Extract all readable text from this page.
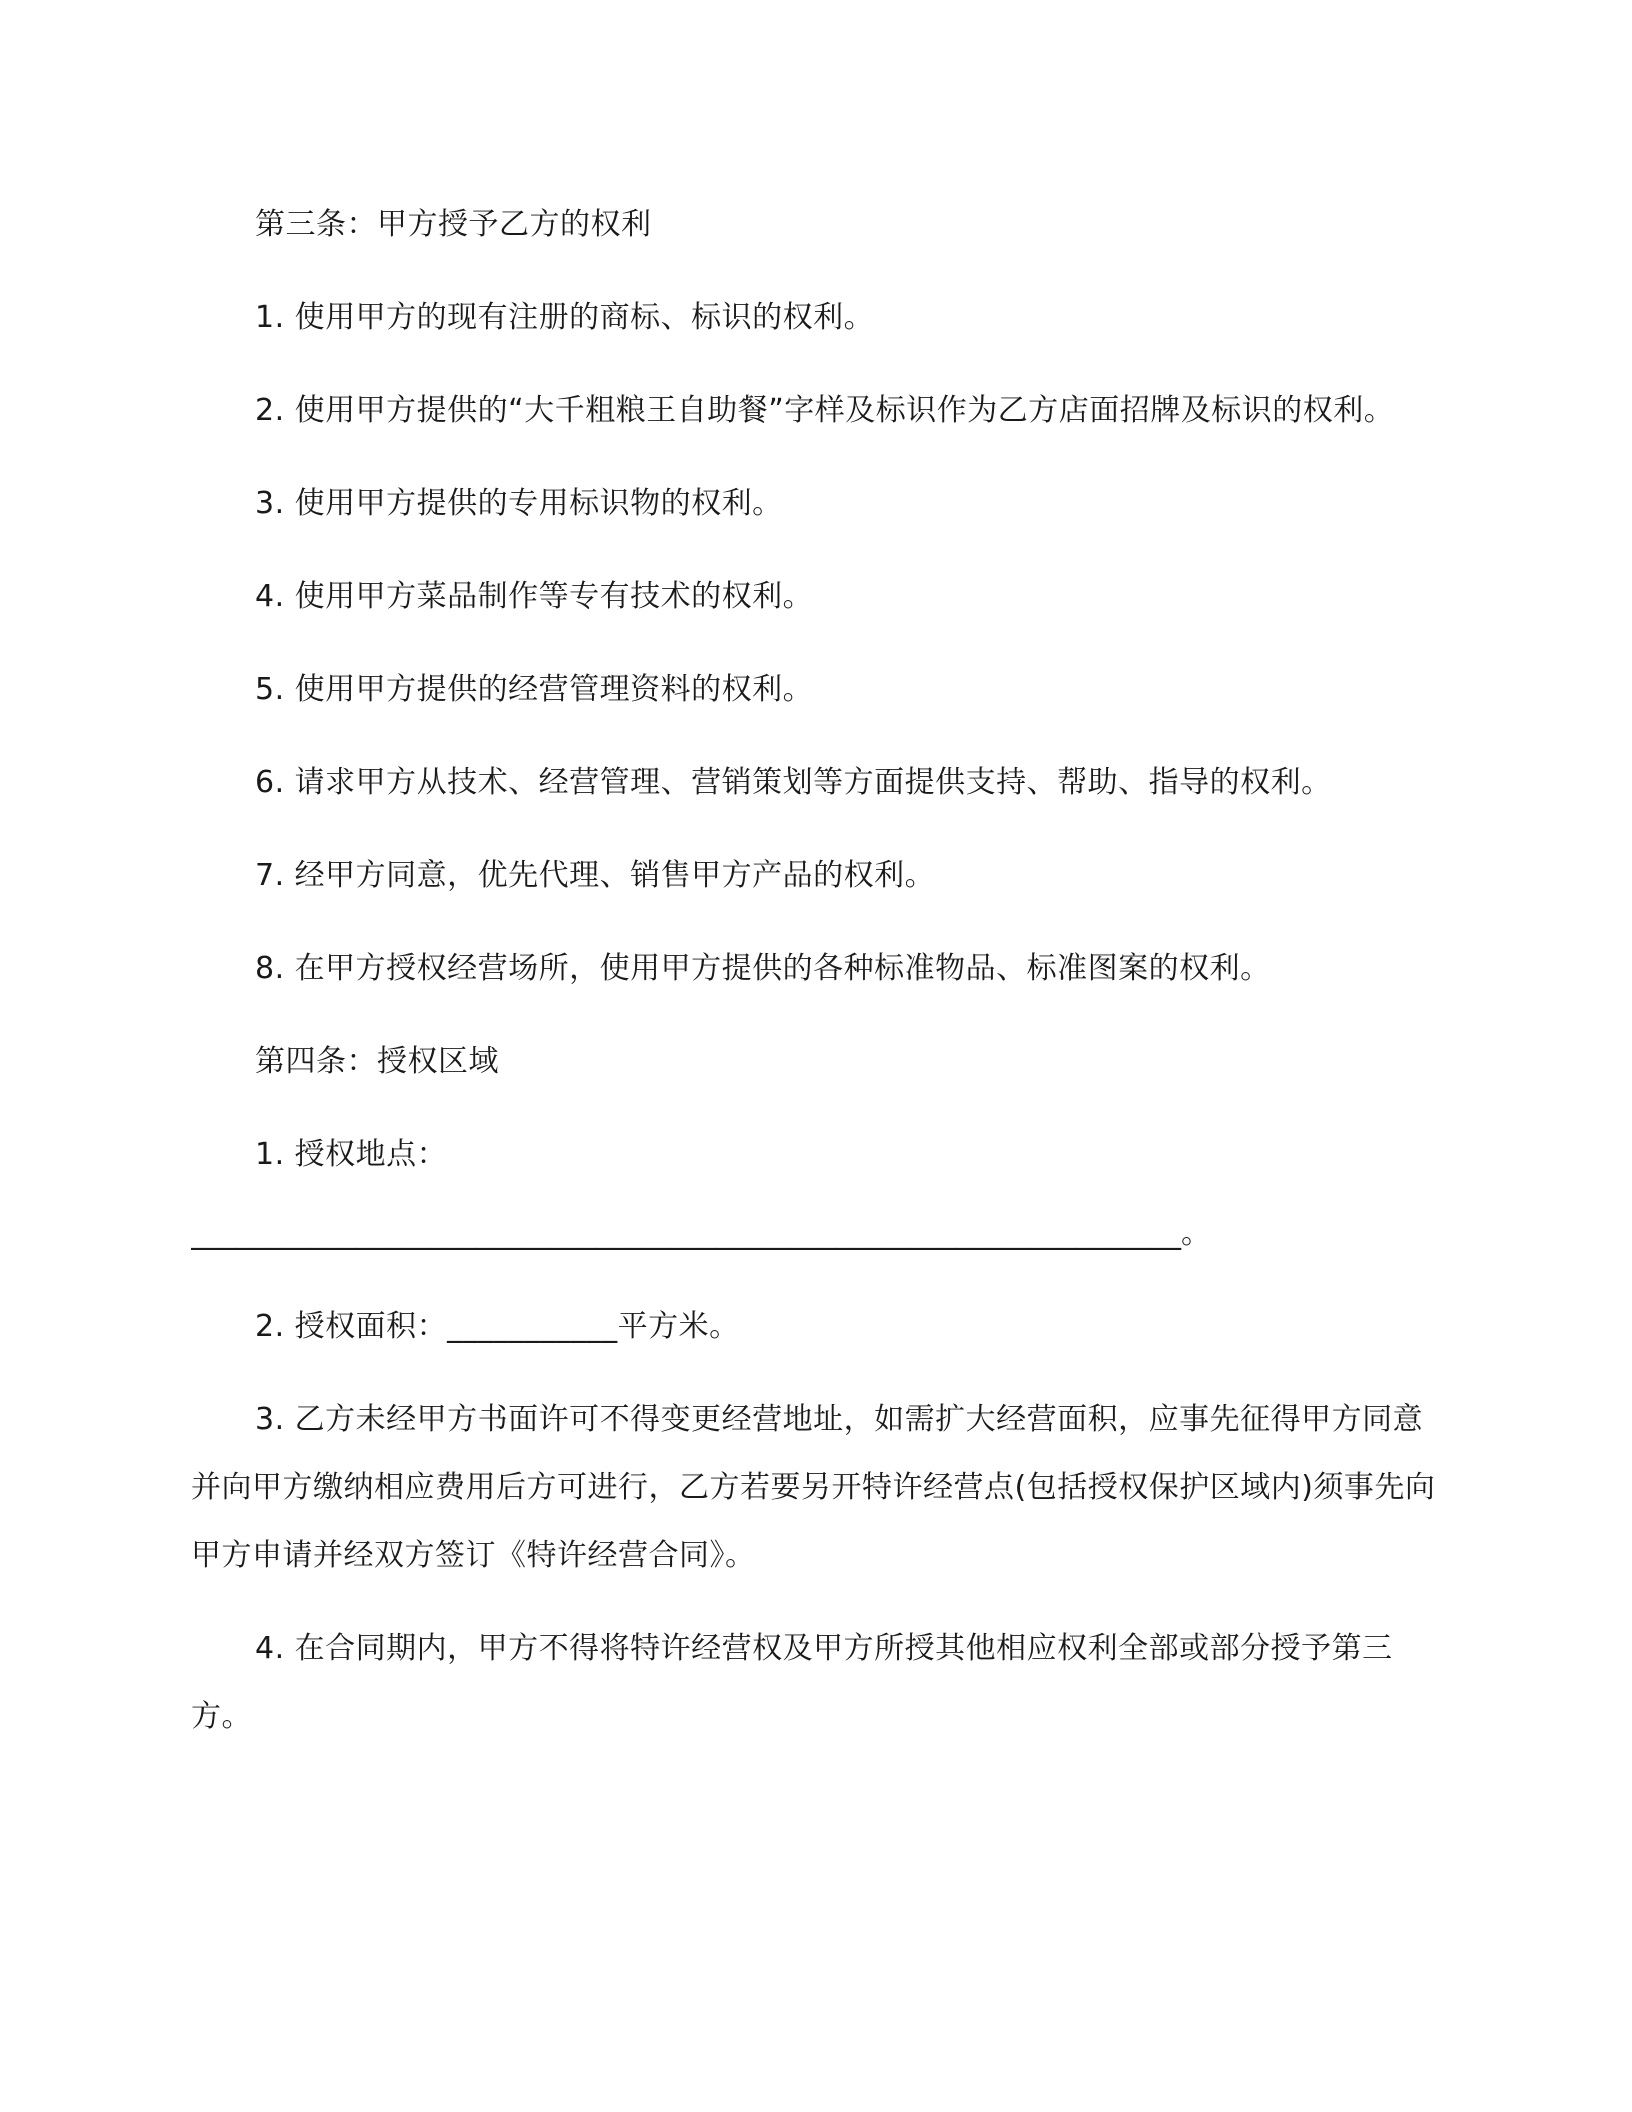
第三条：甲方授予乙方的权利

1. 使用甲方的现有注册的商标、标识的权利。

2. 使用甲方提供的“大千粗粮王自助餐”字样及标识作为乙方店面招牌及标识的权利。

3. 使用甲方提供的专用标识物的权利。

4. 使用甲方菜品制作等专有技术的权利。

5. 使用甲方提供的经营管理资料的权利。

6. 请求甲方从技术、经营管理、营销策划等方面提供支持、帮助、指导的权利。

7. 经甲方同意，优先代理、销售甲方产品的权利。

8. 在甲方授权经营场所，使用甲方提供的各种标准物品、标准图案的权利。

第四条：授权区域

1. 授权地点：

__________________________________________________________________。

2. 授权面积：___________平方米。

3. 乙方未经甲方书面许可不得变更经营地址，如需扩大经营面积，应事先征得甲方同意并向甲方缴纳相应费用后方可进行，乙方若要另开特许经营点(包括授权保护区域内)须事先向甲方申请并经双方签订《特许经营合同》。

4. 在合同期内，甲方不得将特许经营权及甲方所授其他相应权利全部或部分授予第三方。
